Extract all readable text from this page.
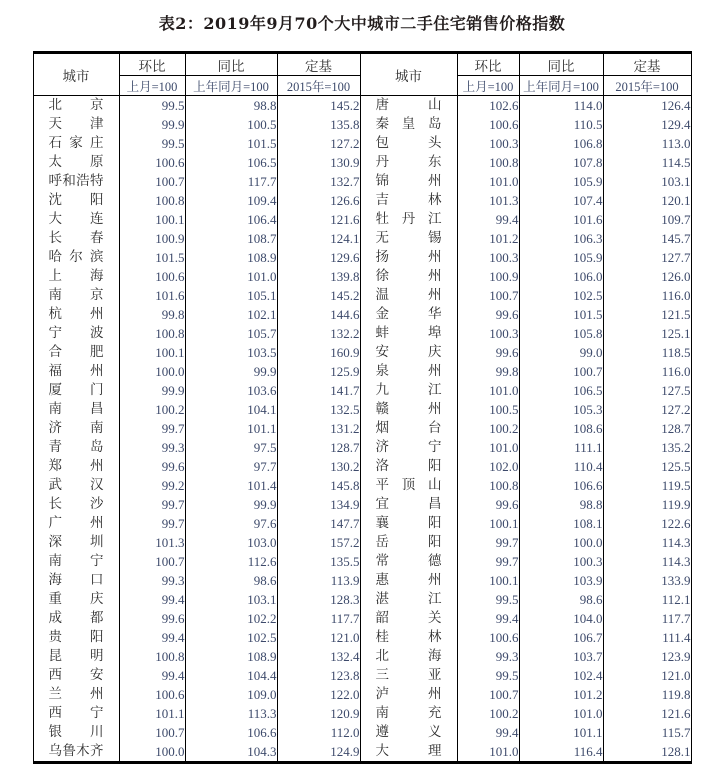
表2：2019年9月70个大中城市二手住宅销售价格指数
城市	环比	同比	定基	城市	环比	同比	定基
	上月=100	上年同月=100	2015年=100		上月=100	上年同月=100	2015年=100

北京	99.5	98.8	145.2	唐山	102.6	114.0	126.4

天津	99.9	100.5	135.8	秦皇岛	100.6	110.5	129.4

石家庄	99.5	101.5	127.2	包头	100.3	106.8	113.0

太原	100.6	106.5	130.9	丹东	100.8	107.8	114.5

呼和浩特	100.7	117.7	132.7	锦州	101.0	105.9	103.1

沈阳	100.8	109.4	126.6	吉林	101.3	107.4	120.1

大连	100.1	106.4	121.6	牡丹江	99.4	101.6	109.7

长春	100.9	108.7	124.1	无锡	101.2	106.3	145.7

哈尔滨	101.5	108.9	129.6	扬州	100.3	105.9	127.7

上海	100.6	101.0	139.8	徐州	100.9	106.0	126.0

南京	101.6	105.1	145.2	温州	100.7	102.5	116.0

杭州	99.8	102.1	144.6	金华	99.6	101.5	121.5

宁波	100.8	105.7	132.2	蚌埠	100.3	105.8	125.1

合肥	100.1	103.5	160.9	安庆	99.6	99.0	118.5

福州	100.0	99.9	125.9	泉州	99.8	100.7	116.0

厦门	99.9	103.6	141.7	九江	101.0	106.5	127.5

南昌	100.2	104.1	132.5	赣州	100.5	105.3	127.2

济南	99.7	101.1	131.2	烟台	100.2	108.6	128.7

青岛	99.3	97.5	128.7	济宁	101.0	111.1	135.2

郑州	99.6	97.7	130.2	洛阳	102.0	110.4	125.5

武汉	99.2	101.4	145.8	平顶山	100.8	106.6	119.5

长沙	99.7	99.9	134.9	宜昌	99.6	98.8	119.9

广州	99.7	97.6	147.7	襄阳	100.1	108.1	122.6

深圳	101.3	103.0	157.2	岳阳	99.7	100.0	114.3

南宁	100.7	112.6	135.5	常德	99.7	100.3	114.3

海口	99.3	98.6	113.9	惠州	100.1	103.9	133.9

重庆	99.4	103.1	128.3	湛江	99.5	98.6	112.1

成都	99.6	102.2	117.7	韶关	99.4	104.0	117.7

贵阳	99.4	102.5	121.0	桂林	100.6	106.7	111.4

昆明	100.8	108.9	132.4	北海	99.3	103.7	123.9

西安	99.4	104.4	123.8	三亚	99.5	102.4	121.0

兰州	100.6	109.0	122.0	泸州	100.7	101.2	119.8

西宁	101.1	113.3	120.9	南充	100.2	101.0	121.6

银川	100.7	106.6	112.0	遵义	99.4	101.1	115.7

乌鲁木齐	100.0	104.3	124.9	大理	101.0	116.4	128.1
